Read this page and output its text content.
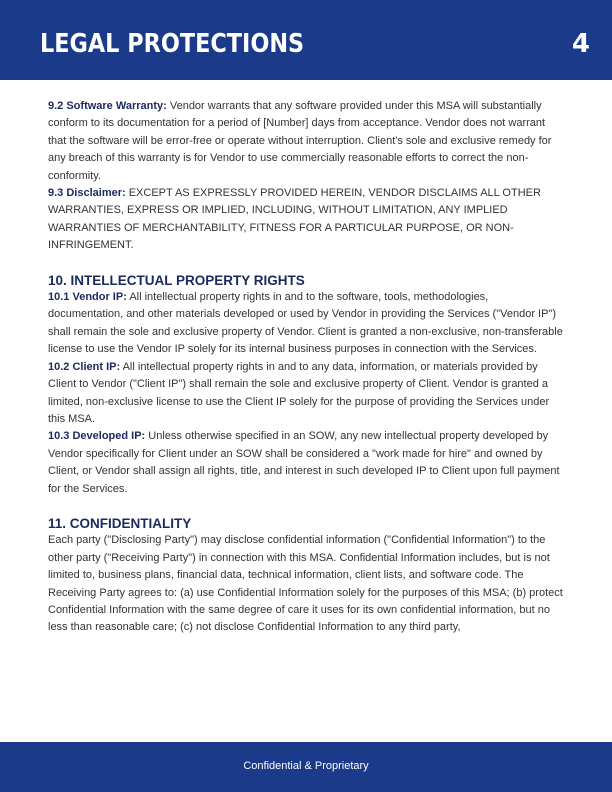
LEGAL PROTECTIONS	4

9.2 Software Warranty: Vendor warrants that any software provided under this MSA will substantially conform to its documentation for a period of [Number] days from acceptance. Vendor does not warrant that the software will be error-free or operate without interruption. Client's sole and exclusive remedy for any breach of this warranty is for Vendor to use commercially reasonable efforts to correct the non-conformity.

9.3 Disclaimer: EXCEPT AS EXPRESSLY PROVIDED HEREIN, VENDOR DISCLAIMS ALL OTHER WARRANTIES, EXPRESS OR IMPLIED, INCLUDING, WITHOUT LIMITATION, ANY IMPLIED WARRANTIES OF MERCHANTABILITY, FITNESS FOR A PARTICULAR PURPOSE, OR NON-INFRINGEMENT.

10. INTELLECTUAL PROPERTY RIGHTS

10.1 Vendor IP: All intellectual property rights in and to the software, tools, methodologies, documentation, and other materials developed or used by Vendor in providing the Services ("Vendor IP") shall remain the sole and exclusive property of Vendor. Client is granted a non-exclusive, non-transferable license to use the Vendor IP solely for its internal business purposes in connection with the Services.

10.2 Client IP: All intellectual property rights in and to any data, information, or materials provided by Client to Vendor ("Client IP") shall remain the sole and exclusive property of Client. Vendor is granted a limited, non-exclusive license to use the Client IP solely for the purpose of providing the Services under this MSA.

10.3 Developed IP: Unless otherwise specified in an SOW, any new intellectual property developed by Vendor specifically for Client under an SOW shall be considered a "work made for hire" and owned by Client, or Vendor shall assign all rights, title, and interest in such developed IP to Client upon full payment for the Services.

11. CONFIDENTIALITY

Each party ("Disclosing Party") may disclose confidential information ("Confidential Information") to the other party ("Receiving Party") in connection with this MSA. Confidential Information includes, but is not limited to, business plans, financial data, technical information, client lists, and software code. The Receiving Party agrees to: (a) use Confidential Information solely for the purposes of this MSA; (b) protect Confidential Information with the same degree of care it uses for its own confidential information, but no less than reasonable care; (c) not disclose Confidential Information to any third party,

Confidential & Proprietary
